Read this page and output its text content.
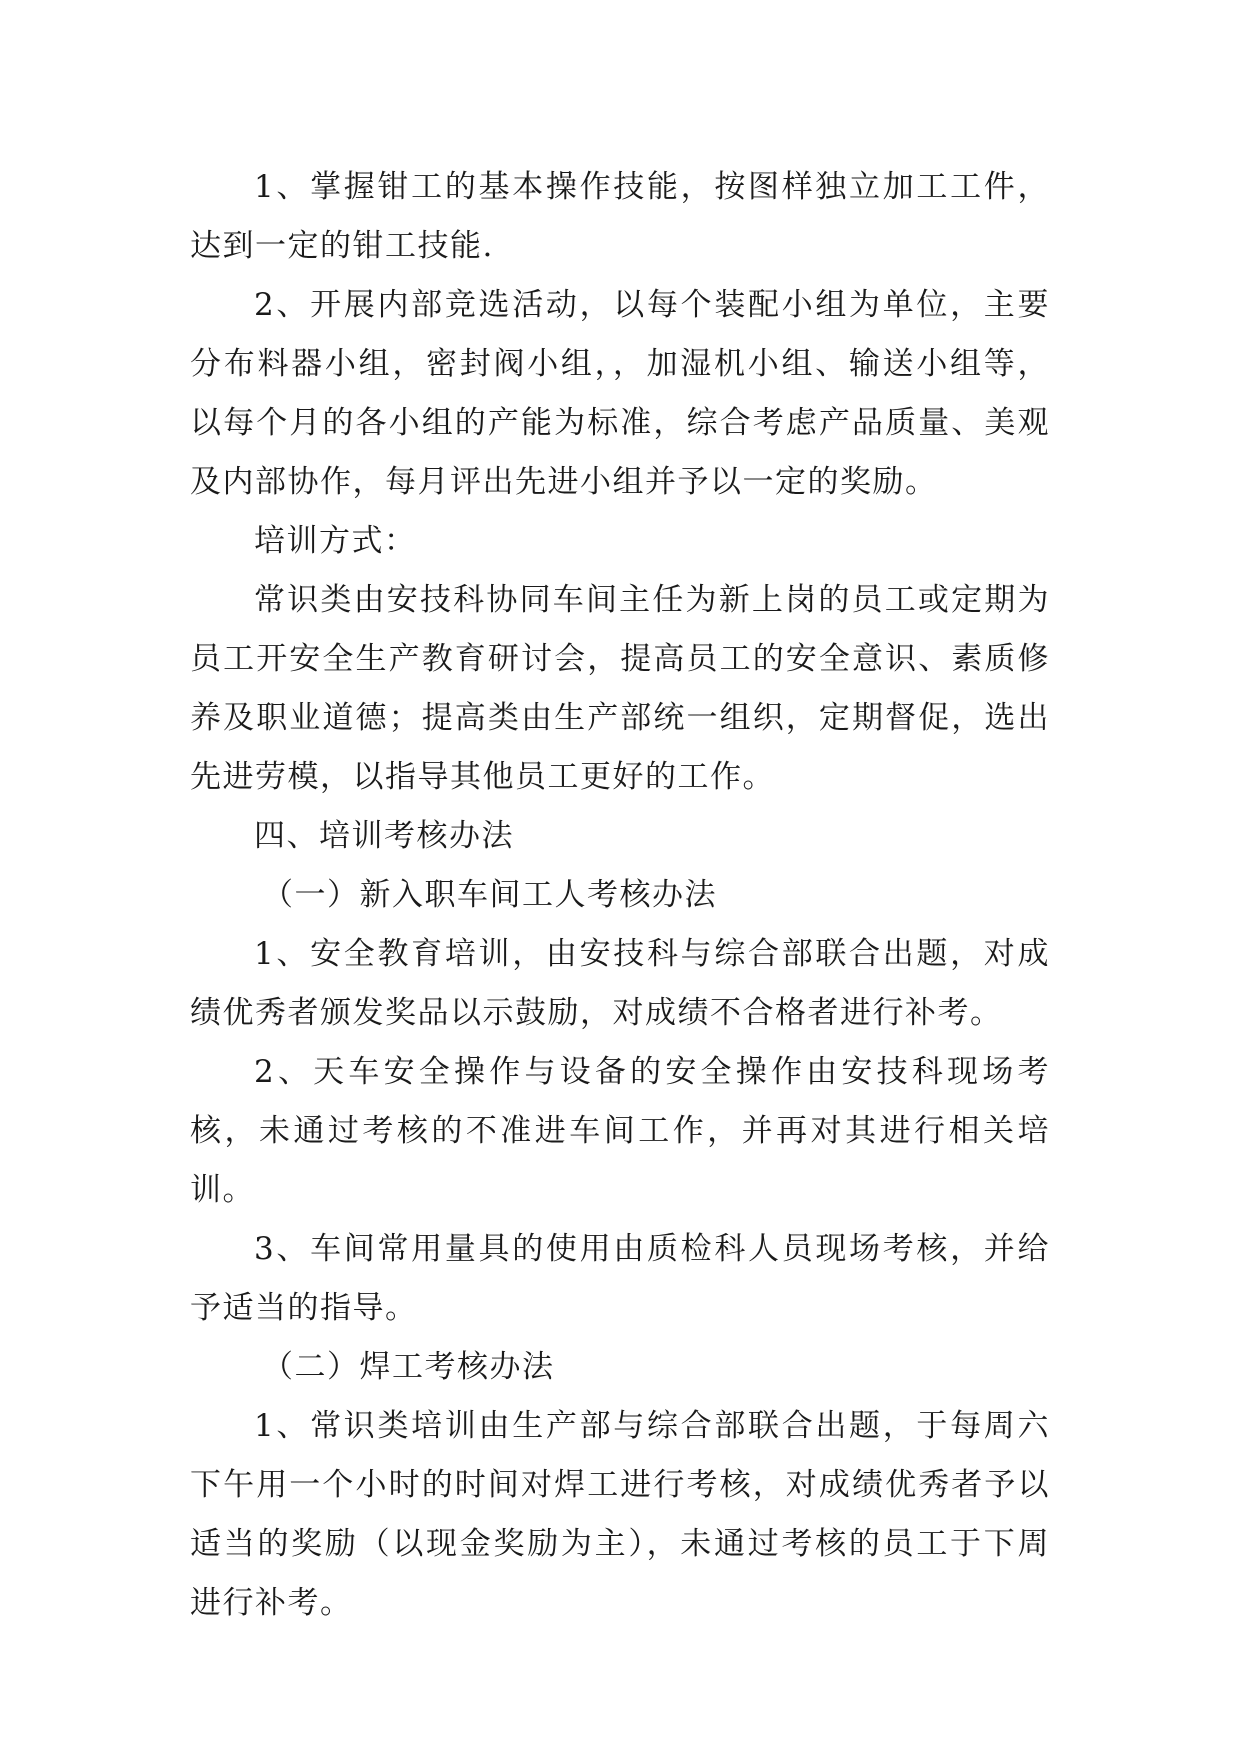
1、掌握钳工的基本操作技能，按图样独立加工工件，达到一定的钳工技能.

2、开展内部竞选活动，以每个装配小组为单位，主要分布料器小组，密封阀小组，，加湿机小组、输送小组等，以每个月的各小组的产能为标准，综合考虑产品质量、美观及内部协作，每月评出先进小组并予以一定的奖励。

培训方式：

常识类由安技科协同车间主任为新上岗的员工或定期为员工开安全生产教育研讨会，提高员工的安全意识、素质修养及职业道德；提高类由生产部统一组织，定期督促，选出先进劳模，以指导其他员工更好的工作。

四、培训考核办法

（一）新入职车间工人考核办法

1、安全教育培训，由安技科与综合部联合出题，对成绩优秀者颁发奖品以示鼓励，对成绩不合格者进行补考。

2、天车安全操作与设备的安全操作由安技科现场考核，未通过考核的不准进车间工作，并再对其进行相关培训。

3、车间常用量具的使用由质检科人员现场考核，并给予适当的指导。

（二）焊工考核办法

1、常识类培训由生产部与综合部联合出题，于每周六下午用一个小时的时间对焊工进行考核，对成绩优秀者予以适当的奖励（以现金奖励为主），未通过考核的员工于下周进行补考。
